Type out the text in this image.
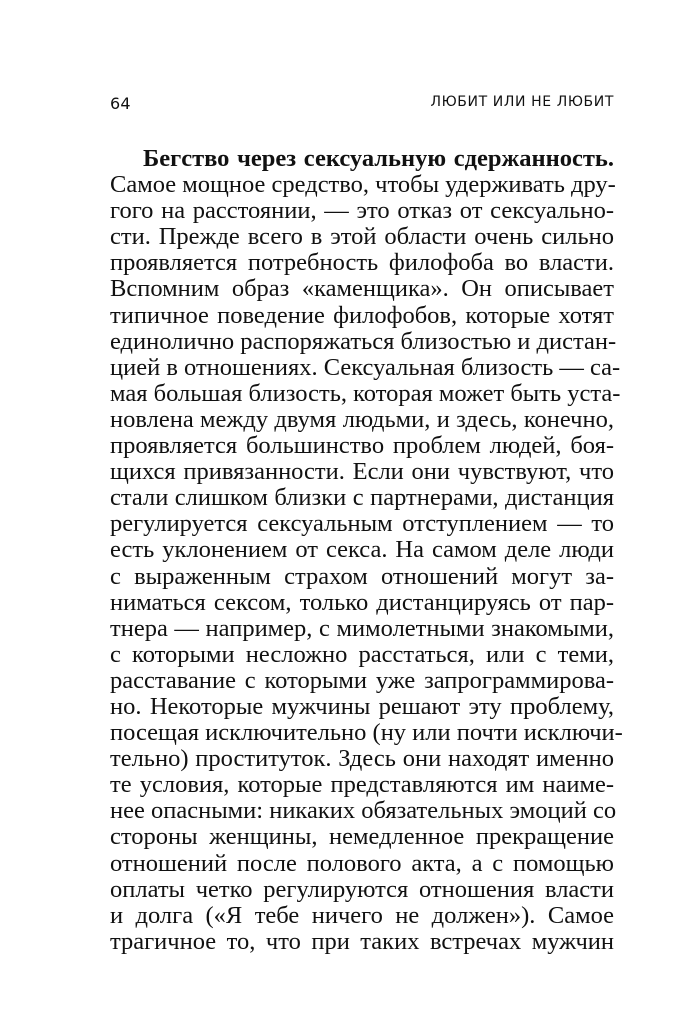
64	ЛЮБИТ ИЛИ НЕ ЛЮБИТ
Бегство через сексуальную сдержанность.
Самое мощное средство, чтобы удерживать дру-
гого на расстоянии, — это отказ от сексуально-
сти. Прежде всего в этой области очень сильно
проявляется потребность филофоба во власти.
Вспомним образ «каменщика». Он описывает
типичное поведение филофобов, которые хотят
единолично распоряжаться близостью и дистан-
цией в отношениях. Сексуальная близость — са-
мая большая близость, которая может быть уста-
новлена между двумя людьми, и здесь, конечно,
проявляется большинство проблем людей, боя-
щихся привязанности. Если они чувствуют, что
стали слишком близки с партнерами, дистанция
регулируется сексуальным отступлением — то
есть уклонением от секса. На самом деле люди
с выраженным страхом отношений могут за-
ниматься сексом, только дистанцируясь от пар-
тнера — например, с мимолетными знакомыми,
с которыми несложно расстаться, или с теми,
расставание с которыми уже запрограммирова-
но. Некоторые мужчины решают эту проблему,
посещая исключительно (ну или почти исключи-
тельно) проституток. Здесь они находят именно
те условия, которые представляются им наиме-
нее опасными: никаких обязательных эмоций со
стороны женщины, немедленное прекращение
отношений после полового акта, а с помощью
оплаты четко регулируются отношения власти
и долга («Я тебе ничего не должен»). Самое
трагичное то, что при таких встречах мужчин
